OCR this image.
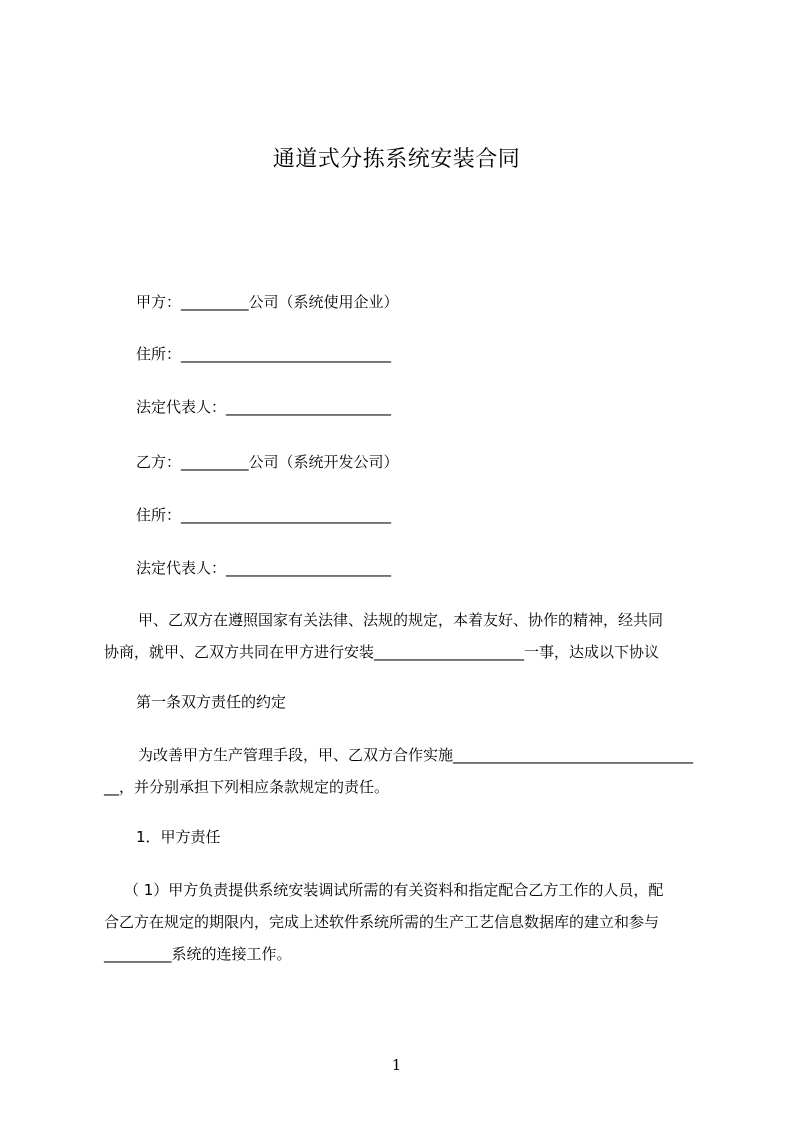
通道式分拣系统安装合同
甲方：_________公司（系统使用企业）
住所：____________________________
法定代表人：______________________
乙方：_________公司（系统开发公司）
住所：____________________________
法定代表人：______________________
甲、乙双方在遵照国家有关法律、法规的规定，本着友好、协作的精神，经共同
协商，就甲、乙双方共同在甲方进行安装____________________一事，达成以下协议
第一条双方责任的约定
为改善甲方生产管理手段，甲、乙双方合作实施________________________________
__，并分别承担下列相应条款规定的责任。
1．甲方责任
（ 1）甲方负责提供系统安装调试所需的有关资料和指定配合乙方工作的人员，配
合乙方在规定的期限内，完成上述软件系统所需的生产工艺信息数据库的建立和参与
_________系统的连接工作。
1
